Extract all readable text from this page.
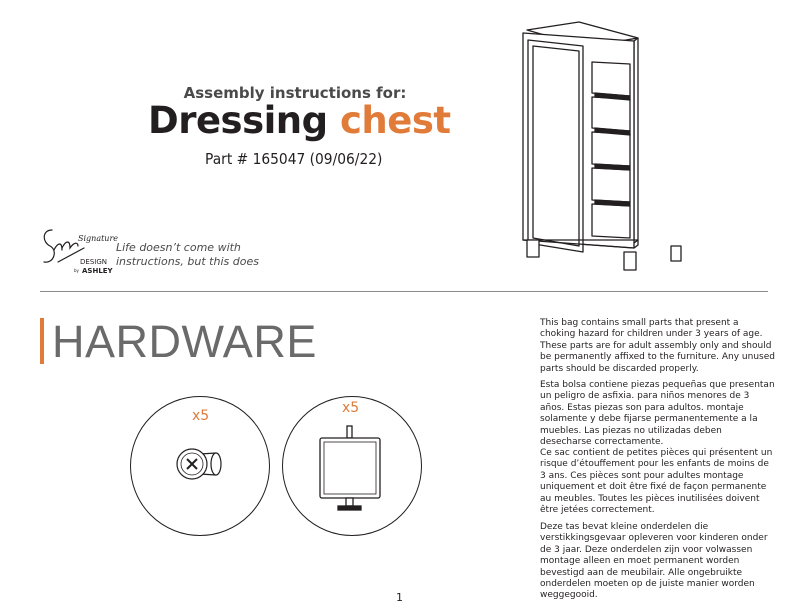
Assembly instructions for:
Dressing chest
Part # 165047 (09/06/22)
Signature
DESIGN
by ASHLEY
Life doesn’t come with
instructions, but this does
HARDWARE
x5	x5
This bag contains small parts that present a choking hazard for children under 3 years of age. These parts are for adult assembly only and should be permanently affixed to the furniture. Any unused parts should be discarded properly.
Esta bolsa contiene piezas pequeñas que presentan un peligro de asfixia. para niños menores de 3 años. Estas piezas son para adultos. montaje solamente y debe fijarse permanentemente a la muebles. Las piezas no utilizadas deben desecharse correctamente.
Ce sac contient de petites pièces qui présentent un risque d’étouffement pour les enfants de moins de 3 ans. Ces pièces sont pour adultes montage uniquement et doit être fixé de façon permanente au meubles. Toutes les pièces inutilisées doivent être jetées correctement.
Deze tas bevat kleine onderdelen die verstikkingsgevaar opleveren voor kinderen onder de 3 jaar. Deze onderdelen zijn voor volwassen montage alleen en moet permanent worden bevestigd aan de meubilair. Alle ongebruikte onderdelen moeten op de juiste manier worden weggegooid.
1
